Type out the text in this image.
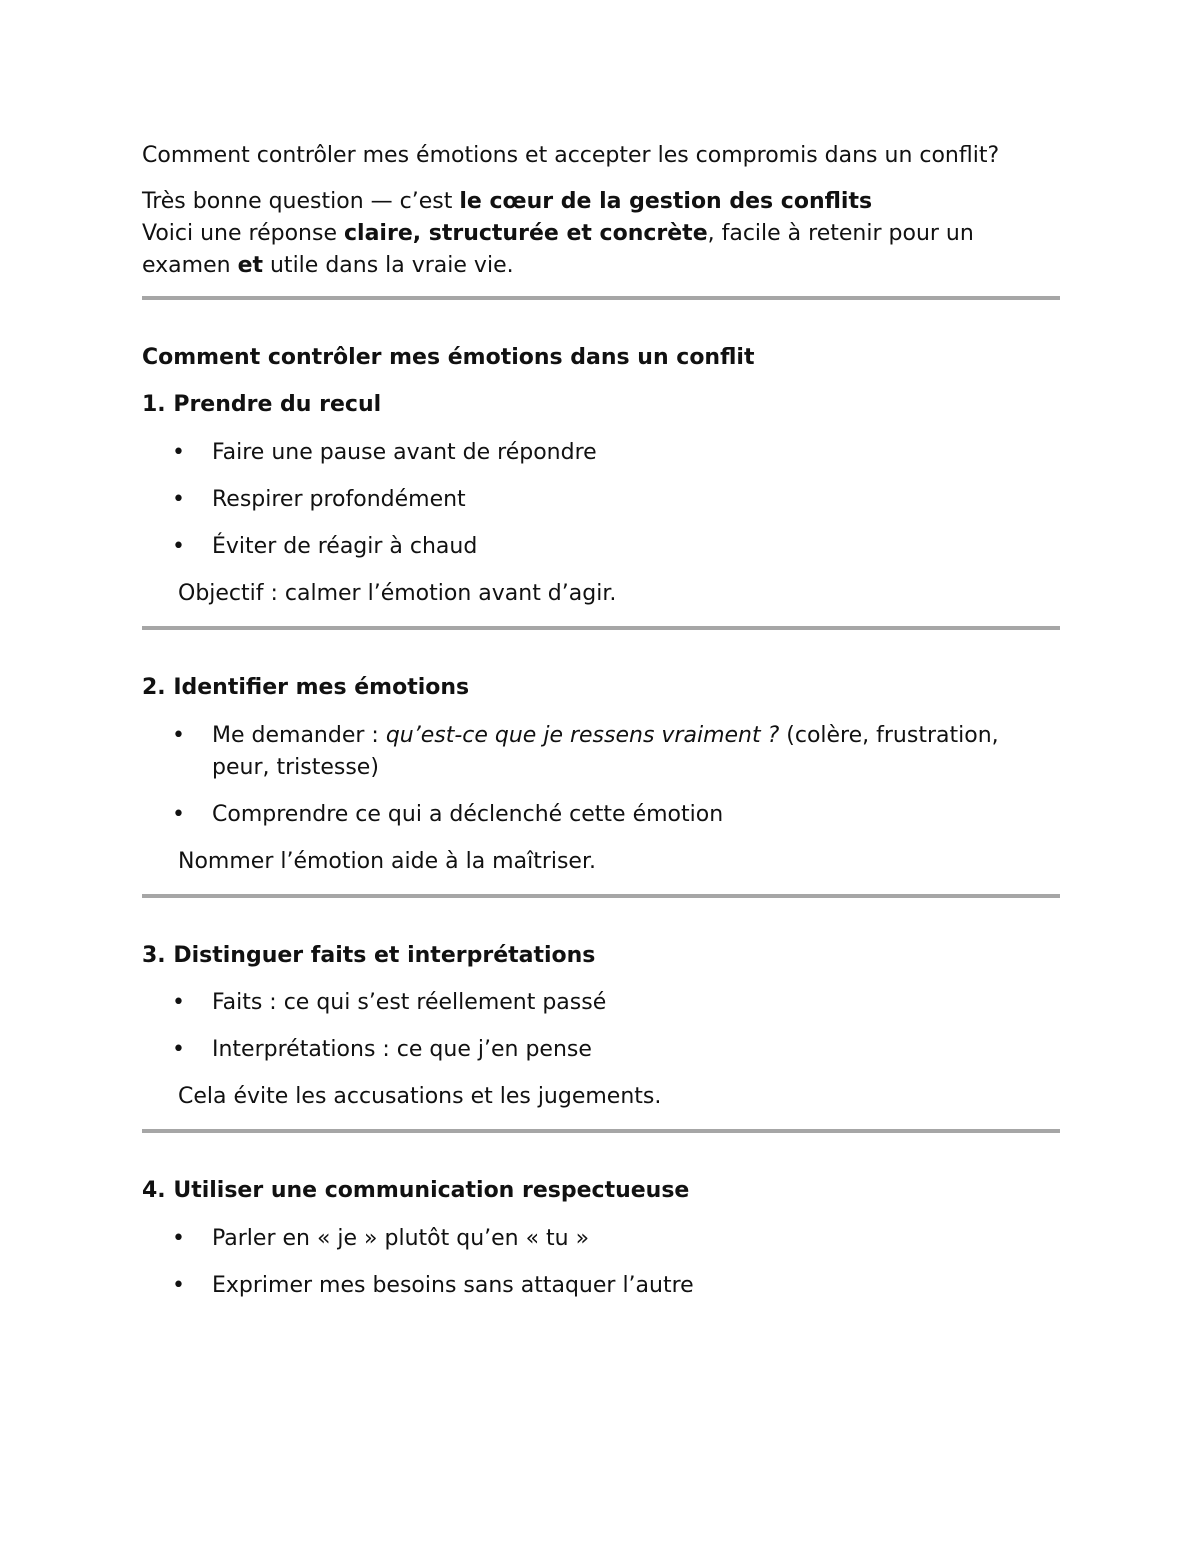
Comment contrôler mes émotions et accepter les compromis dans un conflit?

Très bonne question — c’est le cœur de la gestion des conflits
Voici une réponse claire, structurée et concrète, facile à retenir pour un
examen et utile dans la vraie vie.

Comment contrôler mes émotions dans un conflit

1. Prendre du recul

• Faire une pause avant de répondre
• Respirer profondément
• Éviter de réagir à chaud

Objectif : calmer l’émotion avant d’agir.

2. Identifier mes émotions

• Me demander : qu’est-ce que je ressens vraiment ? (colère, frustration, peur, tristesse)
• Comprendre ce qui a déclenché cette émotion

Nommer l’émotion aide à la maîtriser.

3. Distinguer faits et interprétations

• Faits : ce qui s’est réellement passé
• Interprétations : ce que j’en pense

Cela évite les accusations et les jugements.

4. Utiliser une communication respectueuse

• Parler en « je » plutôt qu’en « tu »
• Exprimer mes besoins sans attaquer l’autre
